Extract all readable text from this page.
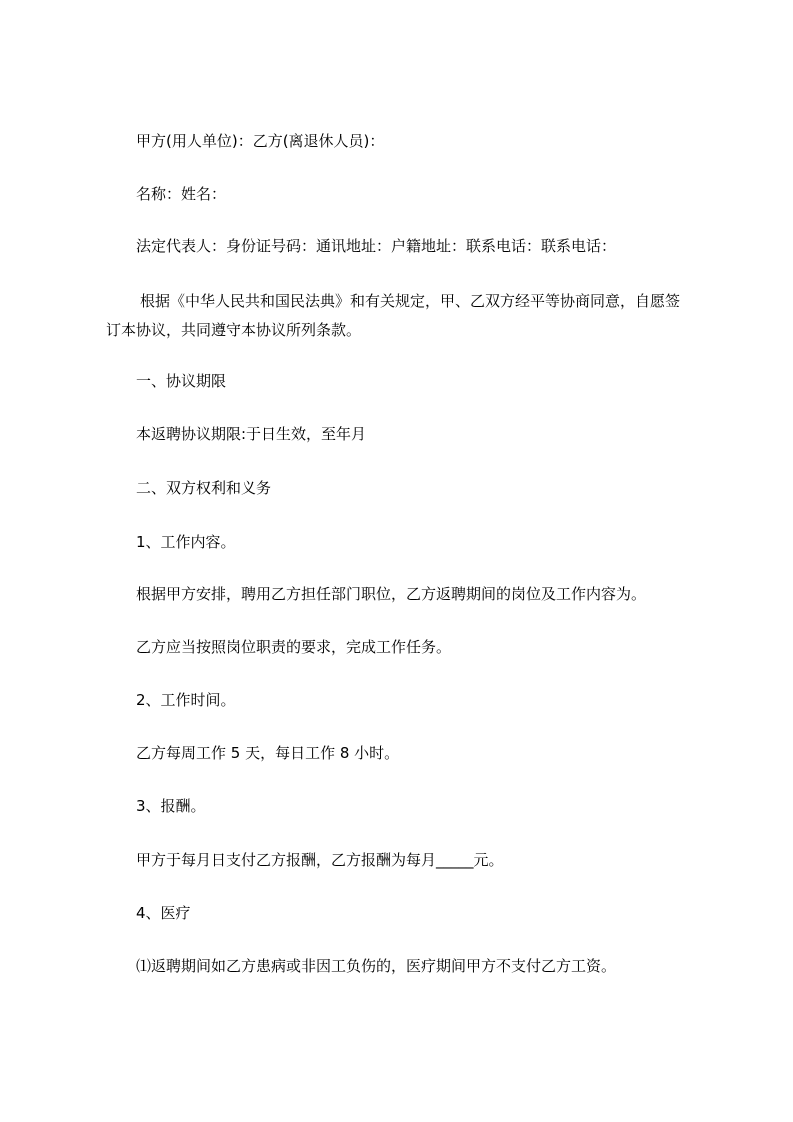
甲方(用人单位)：乙方(离退休人员)：

名称：姓名：

法定代表人：身份证号码：通讯地址：户籍地址：联系电话：联系电话：

根据《中华人民共和国民法典》和有关规定，甲、乙双方经平等协商同意，自愿签订本协议，共同遵守本协议所列条款。

一、协议期限

本返聘协议期限:于日生效，至年月

二、双方权利和义务

1、工作内容。

根据甲方安排，聘用乙方担任部门职位，乙方返聘期间的岗位及工作内容为。

乙方应当按照岗位职责的要求，完成工作任务。

2、工作时间。

乙方每周工作 5 天，每日工作 8 小时。

3、报酬。

甲方于每月日支付乙方报酬，乙方报酬为每月_____元。

4、医疗

⑴返聘期间如乙方患病或非因工负伤的，医疗期间甲方不支付乙方工资。
